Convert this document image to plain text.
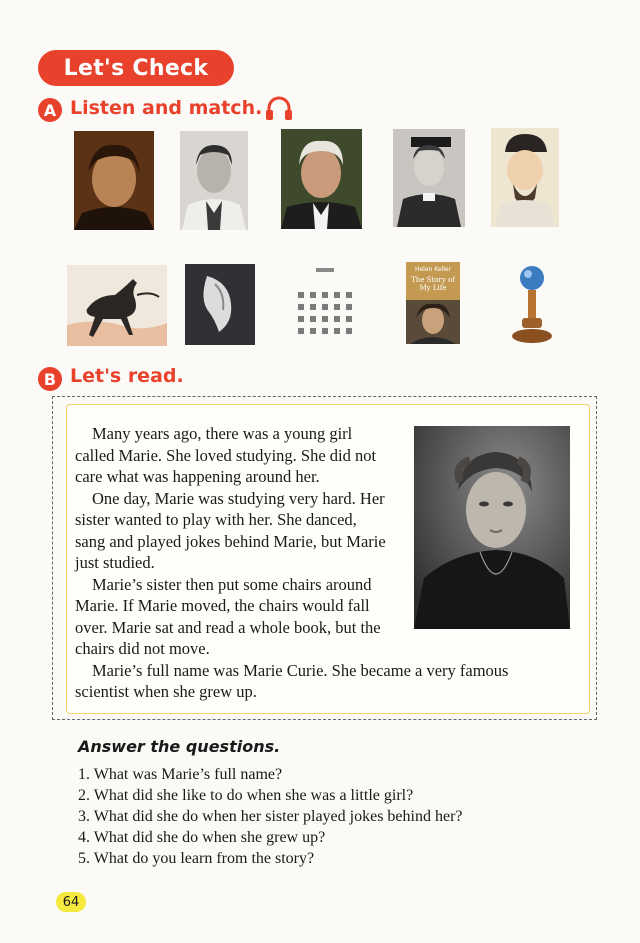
Let's Check
A Listen and match.
Helen Keller
The Story of
My Life
B Let's read.
Many years ago, there was a young girl
called Marie. She loved studying. She did not
care what was happening around her.
One day, Marie was studying very hard. Her
sister wanted to play with her. She danced,
sang and played jokes behind Marie, but Marie
just studied.
Marie’s sister then put some chairs around
Marie. If Marie moved, the chairs would fall
over. Marie sat and read a whole book, but the
chairs did not move.
Marie’s full name was Marie Curie. She became a very famous
scientist when she grew up.
Answer the questions.
1. What was Marie’s full name?
2. What did she like to do when she was a little girl?
3. What did she do when her sister played jokes behind her?
4. What did she do when she grew up?
5. What do you learn from the story?
64
